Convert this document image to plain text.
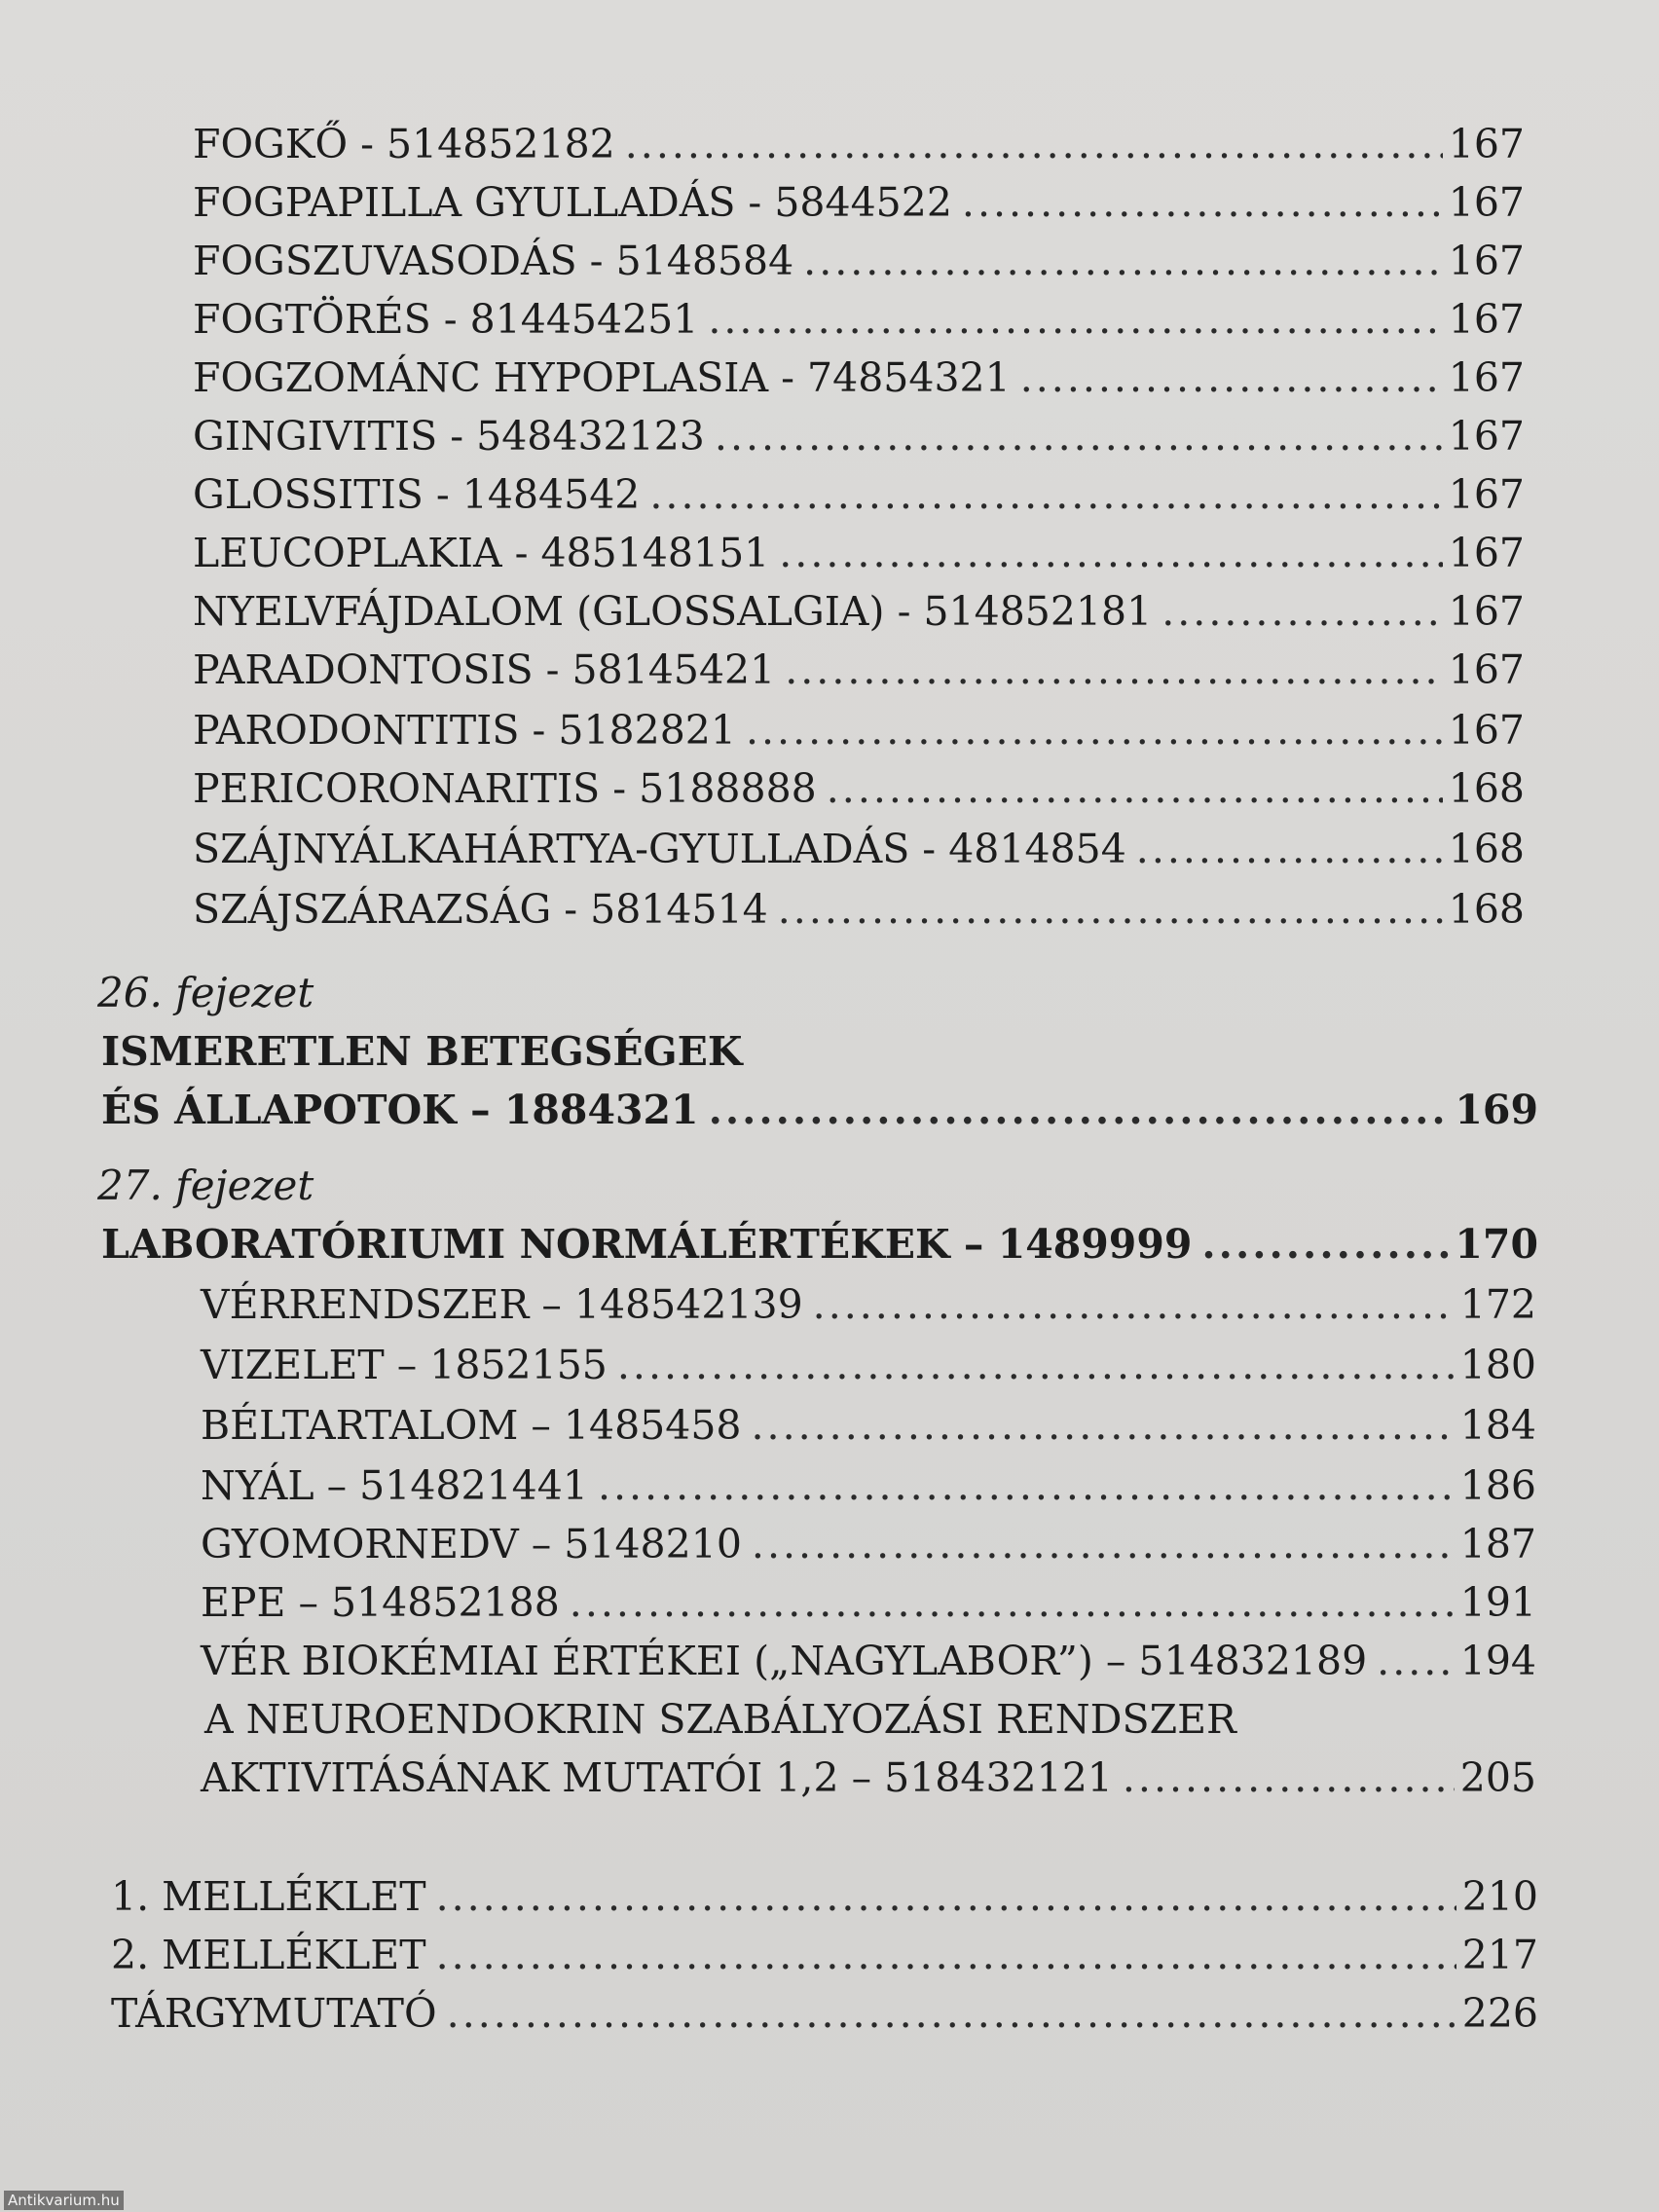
FOGKŐ - 514852182 .....	167
FOGPAPILLA GYULLADÁS - 5844522 .....	167
FOGSZUVASODÁS - 5148584 .....	167
FOGTÖRÉS - 814454251 .....	167
FOGZOMÁNC HYPOPLASIA - 74854321 .....	167
GINGIVITIS - 548432123 .....	167
GLOSSITIS - 1484542 .....	167
LEUCOPLAKIA - 485148151 .....	167
NYELVFÁJDALOM (GLOSSALGIA) - 514852181 .....	167
PARADONTOSIS - 58145421 .....	167
PARODONTITIS - 5182821 .....	167
PERICORONARITIS - 5188888 .....	168
SZÁJNYÁLKAHÁRTYA-GYULLADÁS - 4814854 .....	168
SZÁJSZÁRAZSÁG - 5814514 .....	168
26. fejezet
ISMERETLEN BETEGSÉGEK
ÉS ÁLLAPOTOK – 1884321 .....	169
27. fejezet
LABORATÓRIUMI NORMÁLÉRTÉKEK – 1489999 .....	170
VÉRRENDSZER – 148542139 .....	172
VIZELET – 1852155 .....	180
BÉLTARTALOM – 1485458 .....	184
NYÁL – 514821441 .....	186
GYOMORNEDV – 5148210 .....	187
EPE – 514852188 .....	191
VÉR BIOKÉMIAI ÉRTÉKEI („NAGYLABOR”) – 514832189 ..... 194
A NEUROENDOKRIN SZABÁLYOZÁSI RENDSZER
AKTIVITÁSÁNAK MUTATÓI 1,2 – 518432121 .....	205
1. MELLÉKLET .....	210
2. MELLÉKLET .....	217
TÁRGYMUTATÓ .....	226
Antikvarium.hu
